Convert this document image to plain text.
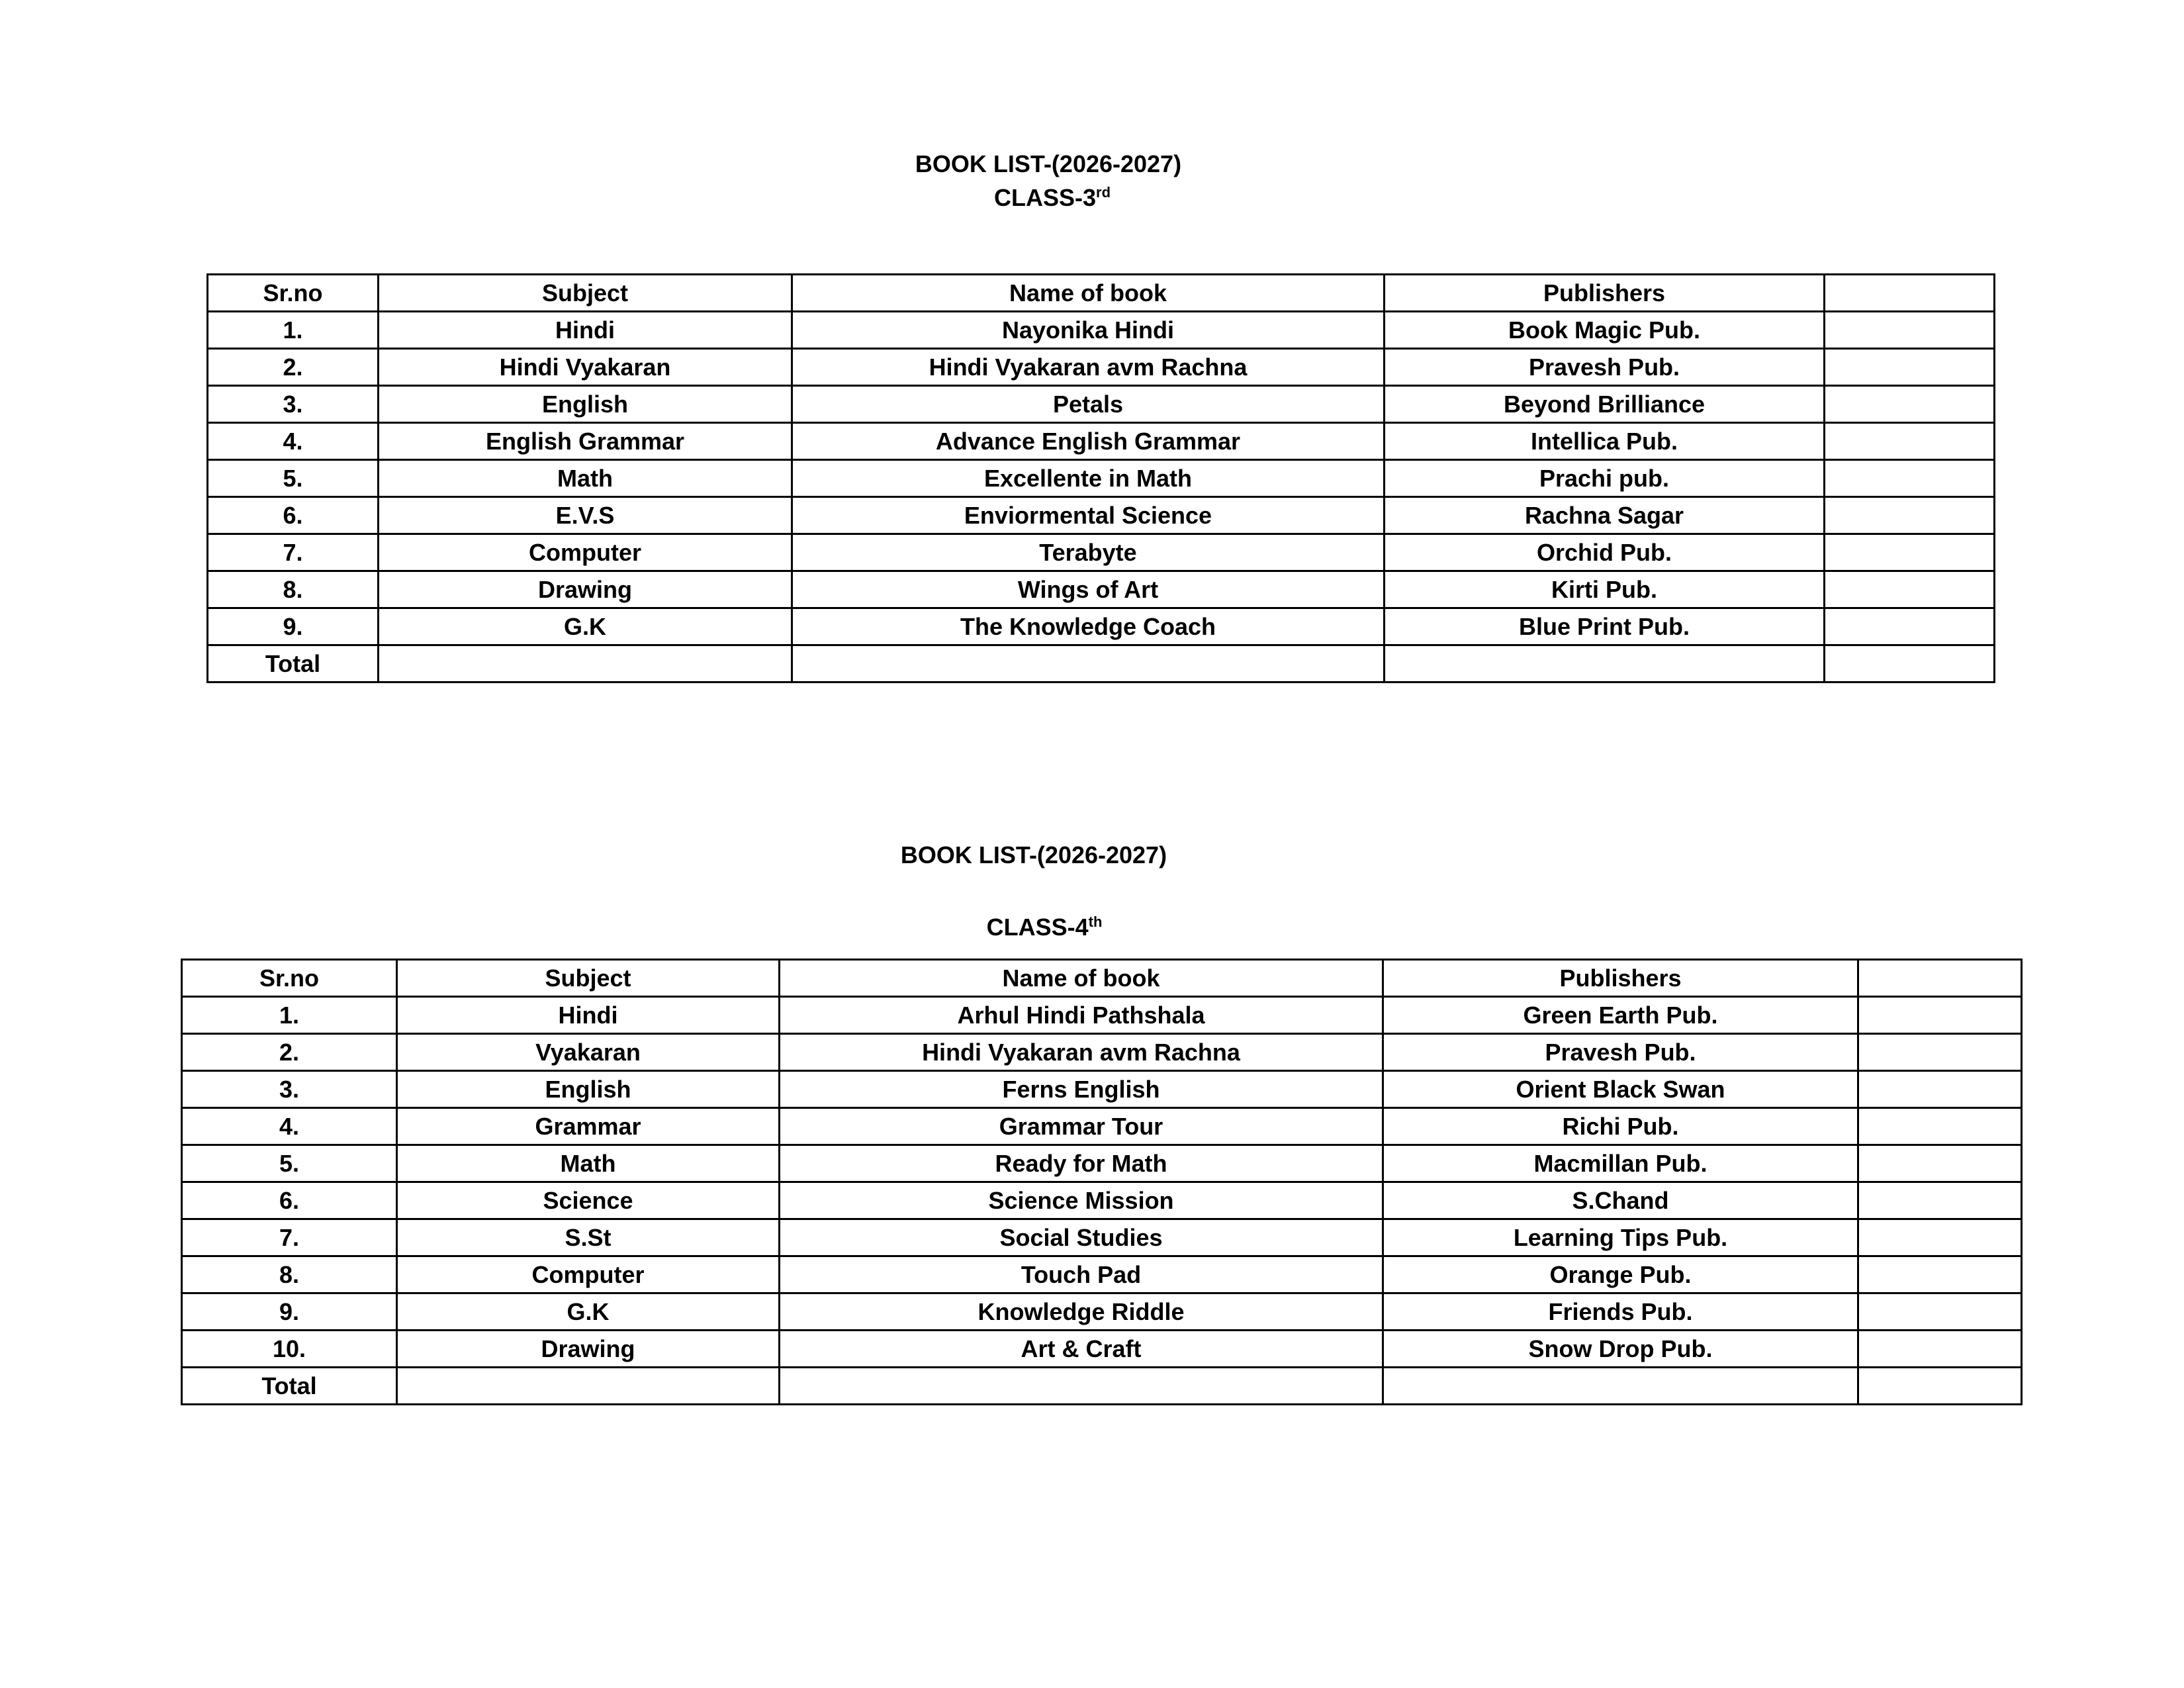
BOOK LIST-(2026-2027)
CLASS-3rd
Sr.no	Subject	Name of book	Publishers	
1.	Hindi	Nayonika Hindi	Book Magic Pub.	
2.	Hindi Vyakaran	Hindi Vyakaran avm Rachna	Pravesh Pub.	
3.	English	Petals	Beyond Brilliance	
4.	English Grammar	Advance English Grammar	Intellica Pub.	
5.	Math	Excellente in Math	Prachi pub.	
6.	E.V.S	Enviormental Science	Rachna Sagar	
7.	Computer	Terabyte	Orchid Pub.	
8.	Drawing	Wings of Art	Kirti Pub.	
9.	G.K	The Knowledge Coach	Blue Print Pub.	
Total				
BOOK LIST-(2026-2027)
CLASS-4th
Sr.no	Subject	Name of book	Publishers	
1.	Hindi	Arhul Hindi Pathshala	Green Earth Pub.	
2.	Vyakaran	Hindi Vyakaran avm Rachna	Pravesh Pub.	
3.	English	Ferns English	Orient Black Swan	
4.	Grammar	Grammar Tour	Richi Pub.	
5.	Math	Ready for Math	Macmillan Pub.	
6.	Science	Science Mission	S.Chand	
7.	S.St	Social Studies	Learning Tips Pub.	
8.	Computer	Touch Pad	Orange Pub.	
9.	G.K	Knowledge Riddle	Friends Pub.	
10.	Drawing	Art & Craft	Snow Drop Pub.	
Total				
